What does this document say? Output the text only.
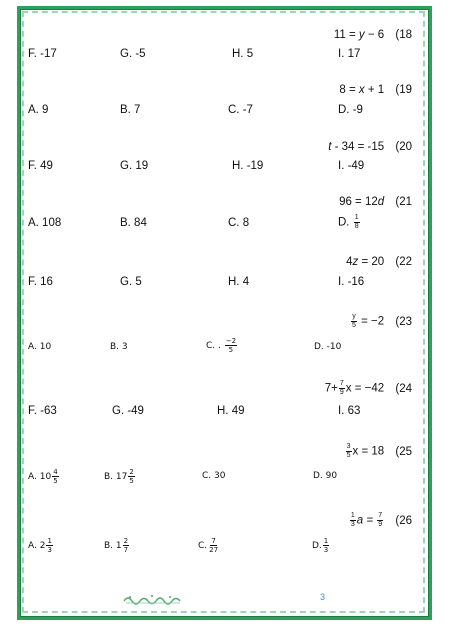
11 = y − 6 (18
F. -17	G. -5	H. 5	I. 17
8 = x + 1 (19
A. 9	B. 7	C. -7	D. -9
t - 34 = -15 (20
F. 49	G. 19	H. -19	I. -49
96 = 12d (21
A. 108	B. 84	C. 8	D. $\frac{1}{8}$
4z = 20 (22
F. 16	G. 5	H. 4	I. -16
$\frac{y}{5} = -2$ (23
A. 10	B. 3	C. . $\frac{-2}{5}$	D. -10
$7+ \frac{7}{9}$ x = −42 (24
F. -63	G. -49	H. 49	I. 63
$\frac{3}{5}$ x = 18 (25
A. $10 \frac{4}{5}$	B. $17 \frac{2}{5}$	C. 30	D. 90
$\frac{1}{3}$ $a = \frac{7}{9} (26$
A. $2 \frac{1}{3}$	B. $1 \frac{2}{7}$	C. $\frac{7}{27}$	D. $\frac{1}{3}$
3
